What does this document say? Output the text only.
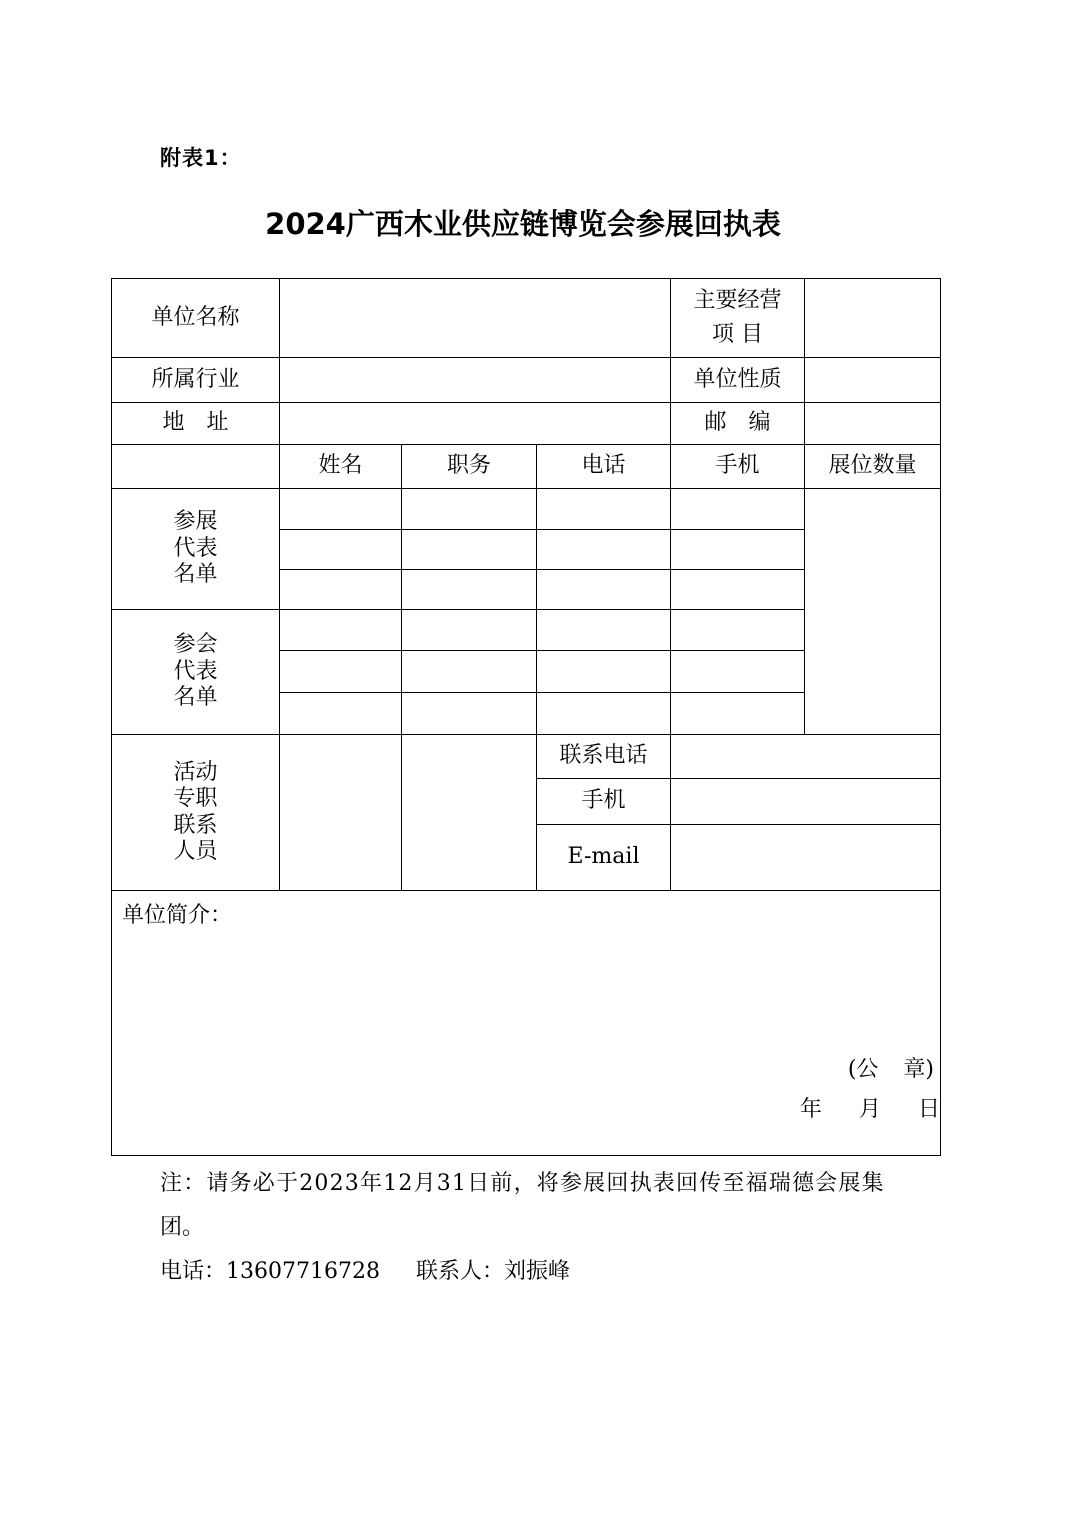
附表1：
2024广西木业供应链博览会参展回执表
单位名称				主要经营
项 目	

所属行业				单位性质	
地　址				邮　编	
	姓名	职务	电话	手机	展位数量

参展
代表
名单					

参会
代表
名单					

活动
专职
联系
人员			联系电话		
			手机		
			E-mail		

单位简介：
(公 章)
年 月 日					
注：请务必于2023年12月31日前，将参展回执表回传至福瑞德会展集
团。
电话：13607716728 联系人：刘振峰
